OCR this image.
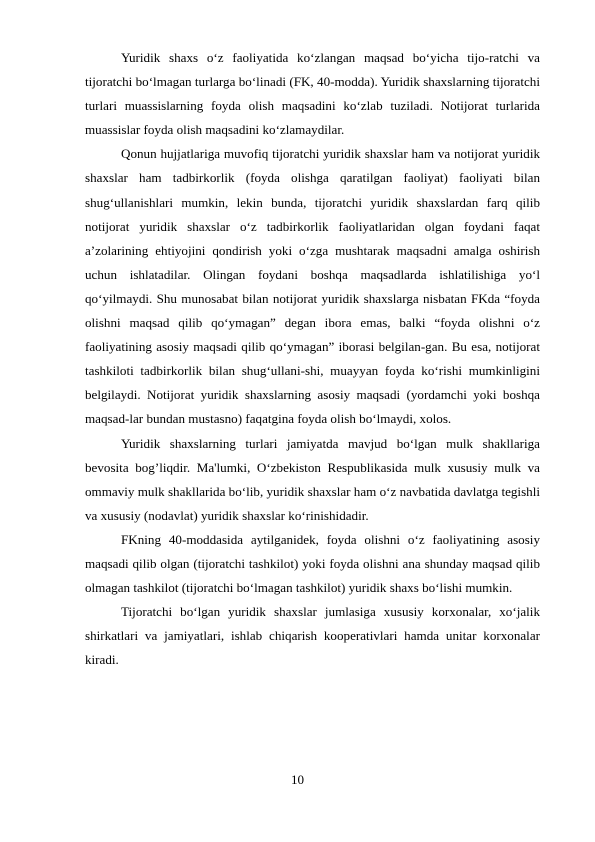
Yuridik shaxs o‘z faoliyatida ko‘zlangan maqsad bo‘yicha tijo-ratchi va tijoratchi bo‘lmagan turlarga bo‘linadi (FK, 40-modda). Yuridik shaxslarning tijoratchi turlari muassislarning foyda olish maqsadini ko‘zlab tuziladi. Notijorat turlarida muassislar foyda olish maqsadini ko‘zlamaydilar.

Qonun hujjatlariga muvofiq tijoratchi yuridik shaxslar ham va notijorat yuridik shaxslar ham tadbirkorlik (foyda olishga qaratilgan faoliyat) faoliyati bilan shug‘ullanishlari mumkin, lekin bunda, tijoratchi yuridik shaxslardan farq qilib notijorat yuridik shaxslar o‘z tadbirkorlik faoliyatlaridan olgan foydani faqat a’zolarining ehtiyojini qondirish yoki o‘zga mushtarak maqsadni amalga oshirish uchun ishlatadilar. Olingan foydani boshqa maqsadlarda ishlatilishiga yo‘l qo‘yilmaydi. Shu munosabat bilan notijorat yuridik shaxslarga nisbatan FKda “foyda olishni maqsad qilib qo‘ymagan” degan ibora emas, balki “foyda olishni o‘z faoliyatining asosiy maqsadi qilib qo‘ymagan” iborasi belgilan-gan. Bu esa, notijorat tashkiloti tadbirkorlik bilan shug‘ullani-shi, muayyan foyda ko‘rishi mumkinligini belgilaydi. Notijorat yuridik shaxslarning asosiy maqsadi (yordamchi yoki boshqa maqsad-lar bundan mustasno) faqatgina foyda olish bo‘lmaydi, xolos.

Yuridik shaxslarning turlari jamiyatda mavjud bo‘lgan mulk shakllariga bevosita bog’liqdir. Ma'lumki, O‘zbekiston Respublikasida mulk xususiy mulk va ommaviy mulk shakllarida bo‘lib, yuridik shaxslar ham o‘z navbatida davlatga tegishli va xususiy (nodavlat) yuridik shaxslar ko‘rinishidadir.

FKning 40-moddasida aytilganidek, foyda olishni o‘z faoliyatining asosiy maqsadi qilib olgan (tijoratchi tashkilot) yoki foyda olishni ana shunday maqsad qilib olmagan tashkilot (tijoratchi bo‘lmagan tashkilot) yuridik shaxs bo‘lishi mumkin.

Tijoratchi bo‘lgan yuridik shaxslar jumlasiga xususiy korxonalar, xo‘jalik shirkatlari va jamiyatlari, ishlab chiqarish kooperativlari hamda unitar korxonalar kiradi.

10
